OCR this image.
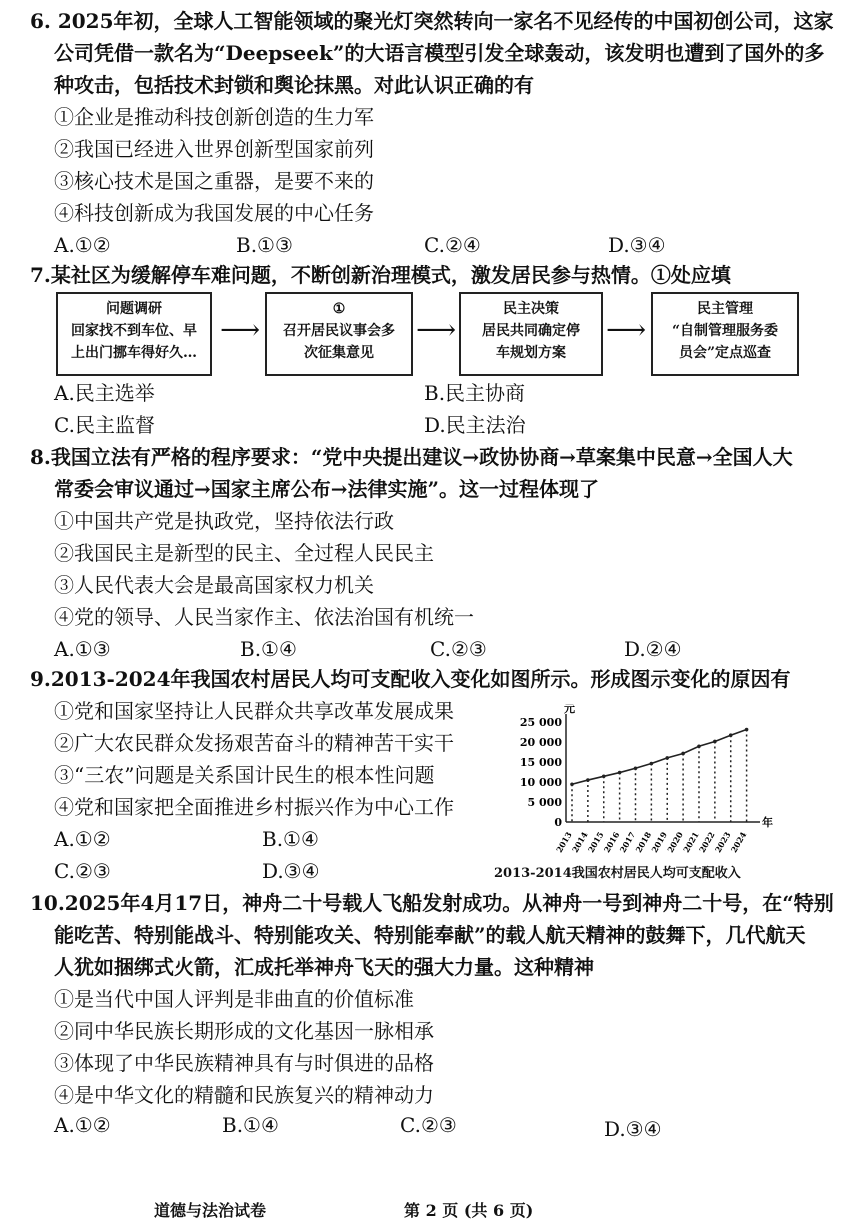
6. 2025年初，全球人工智能领域的聚光灯突然转向一家名不见经传的中国初创公司，这家
公司凭借一款名为“Deepseek”的大语言模型引发全球轰动，该发明也遭到了国外的多
种攻击，包括技术封锁和舆论抹黑。对此认识正确的有
①企业是推动科技创新创造的生力军
②我国已经进入世界创新型国家前列
③核心技术是国之重器，是要不来的
④科技创新成为我国发展的中心任务
A.①②	B.①③	C.②④	D.③④
7.某社区为缓解停车难问题，不断创新治理模式，激发居民参与热情。①处应填
问题调研
回家找不到车位、早
上出门挪车得好久…
⟶
①
召开居民议事会多
次征集意见
⟶
民主决策
居民共同确定停
车规划方案
⟶
民主管理
“自制管理服务委
员会”定点巡查
A.民主选举	B.民主协商
C.民主监督	D.民主法治
8.我国立法有严格的程序要求：“党中央提出建议→政协协商→草案集中民意→全国人大
常委会审议通过→国家主席公布→法律实施”。这一过程体现了
①中国共产党是执政党，坚持依法行政
②我国民主是新型的民主、全过程人民民主
③人民代表大会是最高国家权力机关
④党的领导、人民当家作主、依法治国有机统一
A.①③	B.①④	C.②③	D.②④
9.2013-2024年我国农村居民人均可支配收入变化如图所示。形成图示变化的原因有
①党和国家坚持让人民群众共享改革发展成果
②广大农民群众发扬艰苦奋斗的精神苦干实干
③“三农”问题是关系国计民生的根本性问题
④党和国家把全面推进乡村振兴作为中心工作
A.①②	B.①④
C.②③	D.③④
元
年
25 000
20 000
15 000
10 000
5 000
0
2013
2014
2015
2016
2017
2018
2019
2020
2021
2022
2023
2024
2013-2014我国农村居民人均可支配收入
10.2025年4月17日，神舟二十号载人飞船发射成功。从神舟一号到神舟二十号，在“特别
能吃苦、特别能战斗、特别能攻关、特别能奉献”的载人航天精神的鼓舞下，几代航天
人犹如捆绑式火箭，汇成托举神舟飞天的强大力量。这种精神
①是当代中国人评判是非曲直的价值标准
②同中华民族长期形成的文化基因一脉相承
③体现了中华民族精神具有与时俱进的品格
④是中华文化的精髓和民族复兴的精神动力
A.①②	B.①④	C.②③	D.③④
道德与法治试卷	第 2 页 (共 6 页)
